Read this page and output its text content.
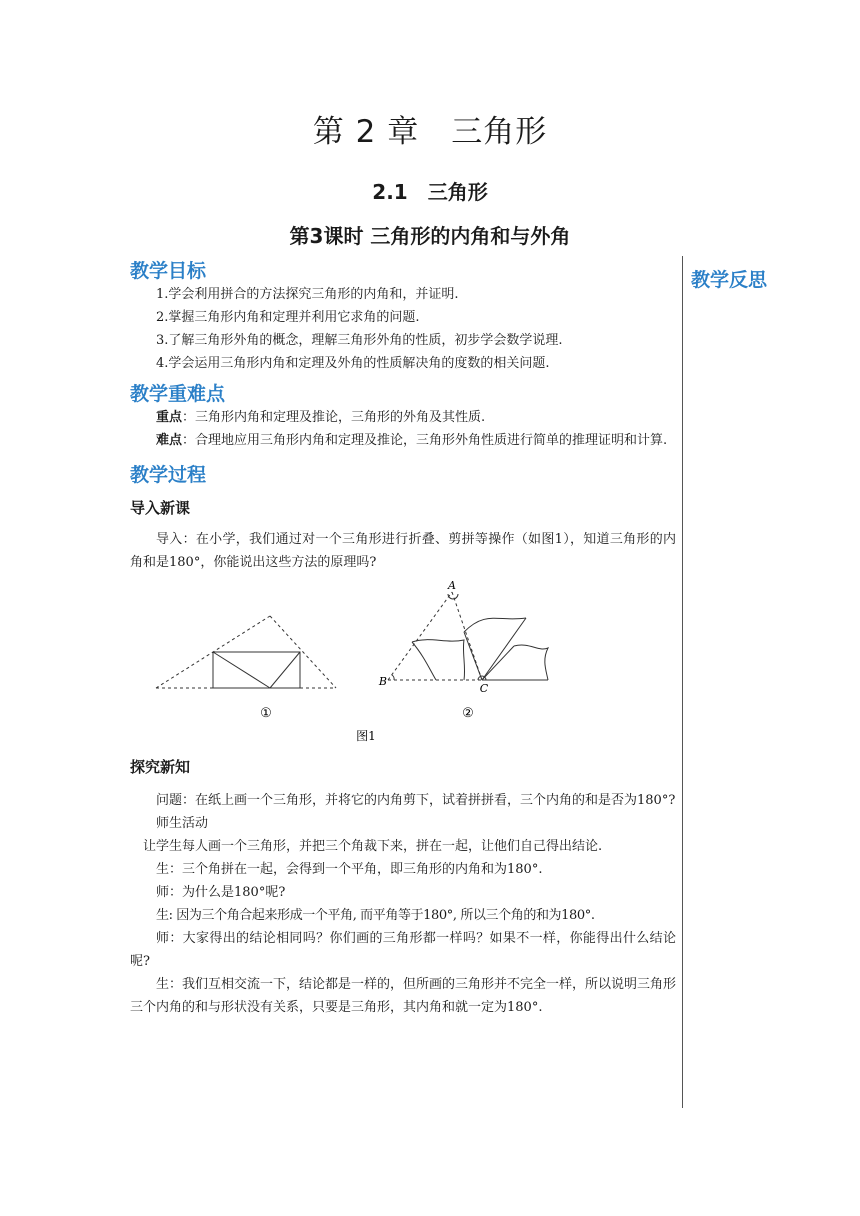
第 2 章　三角形
2.1　三角形
第3课时 三角形的内角和与外角
教学反思
教学目标

1.学会利用拼合的方法探究三角形的内角和，并证明.

2.掌握三角形内角和定理并利用它求角的问题.

3.了解三角形外角的概念，理解三角形外角的性质，初步学会数学说理.

4.学会运用三角形内角和定理及外角的性质解决角的度数的相关问题.

教学重难点

重点：三角形内角和定理及推论，三角形的外角及其性质.

难点：合理地应用三角形内角和定理及推论，三角形外角性质进行简单的推理证明和计算.

教学过程
导入新课

导入：在小学，我们通过对一个三角形进行折叠、剪拼等操作（如图1），知道三角形的内角和是180°，你能说出这些方法的原理吗?

B
A
C
①	②
图1
探究新知

问题：在纸上画一个三角形，并将它的内角剪下，试着拼拼看，三个内角的和是否为180°?

师生活动

让学生每人画一个三角形，并把三个角裁下来，拼在一起，让他们自己得出结论.

生：三个角拼在一起，会得到一个平角，即三角形的内角和为180°.

师：为什么是180°呢?

生: 因为三个角合起来形成一个平角, 而平角等于180°, 所以三个角的和为180°.

师：大家得出的结论相同吗？你们画的三角形都一样吗？如果不一样，你能得出什么结论呢?

生：我们互相交流一下，结论都是一样的，但所画的三角形并不完全一样，所以说明三角形三个内角的和与形状没有关系，只要是三角形，其内角和就一定为180°.
